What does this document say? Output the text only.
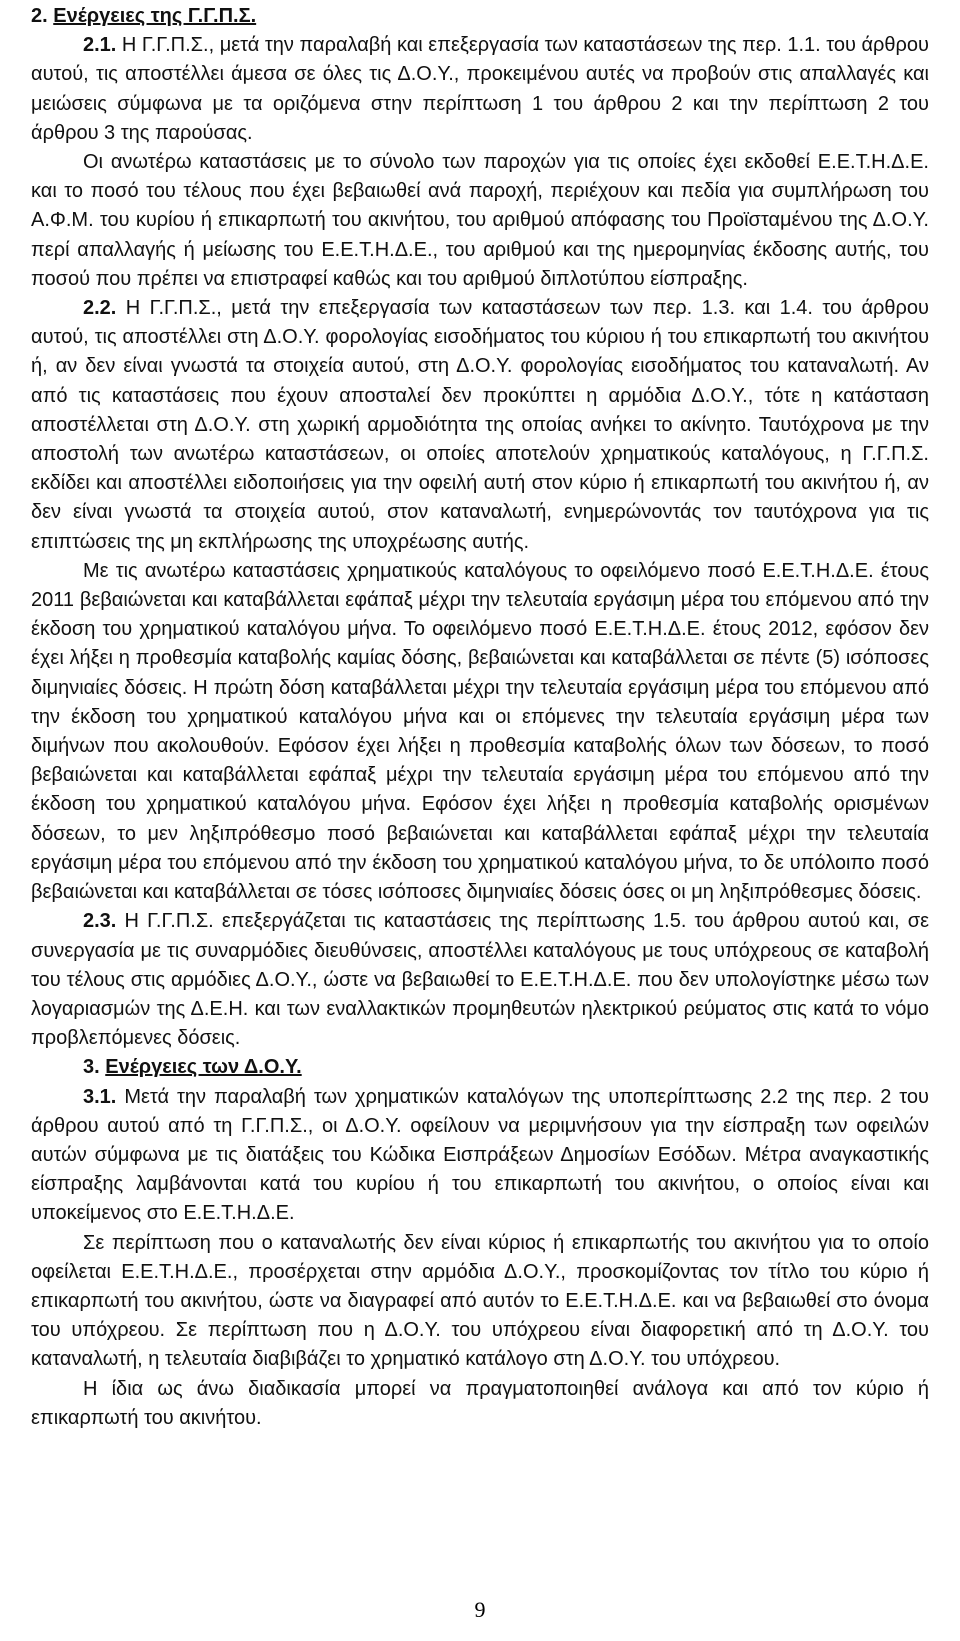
2. Ενέργειες της Γ.Γ.Π.Σ.

2.1. Η Γ.Γ.Π.Σ., μετά την παραλαβή και επεξεργασία των καταστάσεων της περ. 1.1. του άρθρου αυτού, τις αποστέλλει άμεσα σε όλες τις Δ.Ο.Υ., προκειμένου αυτές να προβούν στις απαλλαγές και μειώσεις σύμφωνα με τα οριζόμενα στην περίπτωση 1 του άρθρου 2 και την περίπτωση 2 του άρθρου 3 της παρούσας.

Οι ανωτέρω καταστάσεις με το σύνολο των παροχών για τις οποίες έχει εκδοθεί Ε.Ε.Τ.Η.Δ.Ε. και το ποσό του τέλους που έχει βεβαιωθεί ανά παροχή, περιέχουν και πεδία για συμπλήρωση του Α.Φ.Μ. του κυρίου ή επικαρπωτή του ακινήτου, του αριθμού απόφασης του Προϊσταμένου της Δ.Ο.Υ. περί απαλλαγής ή μείωσης του Ε.Ε.Τ.Η.Δ.Ε., του αριθμού και της ημερομηνίας έκδοσης αυτής, του ποσού που πρέπει να επιστραφεί καθώς και του αριθμού διπλοτύπου είσπραξης.

2.2. Η Γ.Γ.Π.Σ., μετά την επεξεργασία των καταστάσεων των περ. 1.3. και 1.4. του άρθρου αυτού, τις αποστέλλει στη Δ.Ο.Υ. φορολογίας εισοδήματος του κύριου ή του επικαρπωτή του ακινήτου ή, αν δεν είναι γνωστά τα στοιχεία αυτού, στη Δ.Ο.Υ. φορολογίας εισοδήματος του καταναλωτή. Αν από τις καταστάσεις που έχουν αποσταλεί δεν προκύπτει η αρμόδια Δ.Ο.Υ., τότε η κατάσταση αποστέλλεται στη Δ.Ο.Υ. στη χωρική αρμοδιότητα της οποίας ανήκει το ακίνητο. Ταυτόχρονα με την αποστολή των ανωτέρω καταστάσεων, οι οποίες αποτελούν χρηματικούς καταλόγους, η Γ.Γ.Π.Σ. εκδίδει και αποστέλλει ειδοποιήσεις για την οφειλή αυτή στον κύριο ή επικαρπωτή του ακινήτου ή, αν δεν είναι γνωστά τα στοιχεία αυτού, στον καταναλωτή, ενημερώνοντάς τον ταυτόχρονα για τις επιπτώσεις της μη εκπλήρωσης της υποχρέωσης αυτής.

Με τις ανωτέρω καταστάσεις χρηματικούς καταλόγους το οφειλόμενο ποσό Ε.Ε.Τ.Η.Δ.Ε. έτους 2011 βεβαιώνεται και καταβάλλεται εφάπαξ μέχρι την τελευταία εργάσιμη μέρα του επόμενου από την έκδοση του χρηματικού καταλόγου μήνα. Το οφειλόμενο ποσό Ε.Ε.Τ.Η.Δ.Ε. έτους 2012, εφόσον δεν έχει λήξει η προθεσμία καταβολής καμίας δόσης, βεβαιώνεται και καταβάλλεται σε πέντε (5) ισόποσες διμηνιαίες δόσεις. Η πρώτη δόση καταβάλλεται μέχρι την τελευταία εργάσιμη μέρα του επόμενου από την έκδοση του χρηματικού καταλόγου μήνα και οι επόμενες την τελευταία εργάσιμη μέρα των διμήνων που ακολουθούν. Εφόσον έχει λήξει η προθεσμία καταβολής όλων των δόσεων, το ποσό βεβαιώνεται και καταβάλλεται εφάπαξ μέχρι την τελευταία εργάσιμη μέρα του επόμενου από την έκδοση του χρηματικού καταλόγου μήνα. Εφόσον έχει λήξει η προθεσμία καταβολής ορισμένων δόσεων, το μεν ληξιπρόθεσμο ποσό βεβαιώνεται και καταβάλλεται εφάπαξ μέχρι την τελευταία εργάσιμη μέρα του επόμενου από την έκδοση του χρηματικού καταλόγου μήνα, το δε υπόλοιπο ποσό βεβαιώνεται και καταβάλλεται σε τόσες ισόποσες διμηνιαίες δόσεις όσες οι μη ληξιπρόθεσμες δόσεις.

2.3. Η Γ.Γ.Π.Σ. επεξεργάζεται τις καταστάσεις της περίπτωσης 1.5. του άρθρου αυτού και, σε συνεργασία με τις συναρμόδιες διευθύνσεις, αποστέλλει καταλόγους με τους υπόχρεους σε καταβολή του τέλους στις αρμόδιες Δ.Ο.Υ., ώστε να βεβαιωθεί το Ε.Ε.Τ.Η.Δ.Ε. που δεν υπολογίστηκε μέσω των λογαριασμών της Δ.Ε.Η. και των εναλλακτικών προμηθευτών ηλεκτρικού ρεύματος στις κατά το νόμο προβλεπόμενες δόσεις.

3. Ενέργειες των Δ.Ο.Υ.

3.1. Μετά την παραλαβή των χρηματικών καταλόγων της υποπερίπτωσης 2.2 της περ. 2 του άρθρου αυτού από τη Γ.Γ.Π.Σ., οι Δ.Ο.Υ. οφείλουν να μεριμνήσουν για την είσπραξη των οφειλών αυτών σύμφωνα με τις διατάξεις του Κώδικα Εισπράξεων Δημοσίων Εσόδων. Μέτρα αναγκαστικής είσπραξης λαμβάνονται κατά του κυρίου ή του επικαρπωτή του ακινήτου, ο οποίος είναι και υποκείμενος στο Ε.Ε.Τ.Η.Δ.Ε.

Σε περίπτωση που ο καταναλωτής δεν είναι κύριος ή επικαρπωτής του ακινήτου για το οποίο οφείλεται Ε.Ε.Τ.Η.Δ.Ε., προσέρχεται στην αρμόδια Δ.Ο.Υ., προσκομίζοντας τον τίτλο του κύριο ή επικαρπωτή του ακινήτου, ώστε να διαγραφεί από αυτόν το Ε.Ε.Τ.Η.Δ.Ε. και να βεβαιωθεί στο όνομα του υπόχρεου. Σε περίπτωση που η Δ.Ο.Υ. του υπόχρεου είναι διαφορετική από τη Δ.Ο.Υ. του καταναλωτή, η τελευταία διαβιβάζει το χρηματικό κατάλογο στη Δ.Ο.Υ. του υπόχρεου.

Η ίδια ως άνω διαδικασία μπορεί να πραγματοποιηθεί ανάλογα και από τον κύριο ή επικαρπωτή του ακινήτου.

9
